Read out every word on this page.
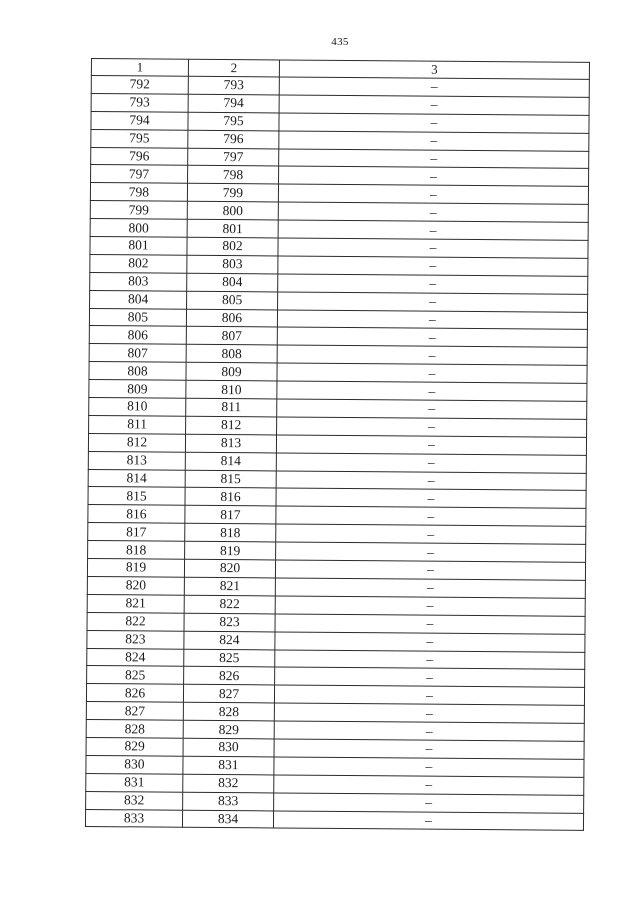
435
1	2	3
792	793	–
793	794	–
794	795	–
795	796	–
796	797	–
797	798	–
798	799	–
799	800	–
800	801	–
801	802	–
802	803	–
803	804	–
804	805	–
805	806	–
806	807	–
807	808	–
808	809	–
809	810	–
810	811	–
811	812	–
812	813	–
813	814	–
814	815	–
815	816	–
816	817	–
817	818	–
818	819	–
819	820	–
820	821	–
821	822	–
822	823	–
823	824	–
824	825	–
825	826	–
826	827	–
827	828	–
828	829	–
829	830	–
830	831	–
831	832	–
832	833	–
833	834	–
